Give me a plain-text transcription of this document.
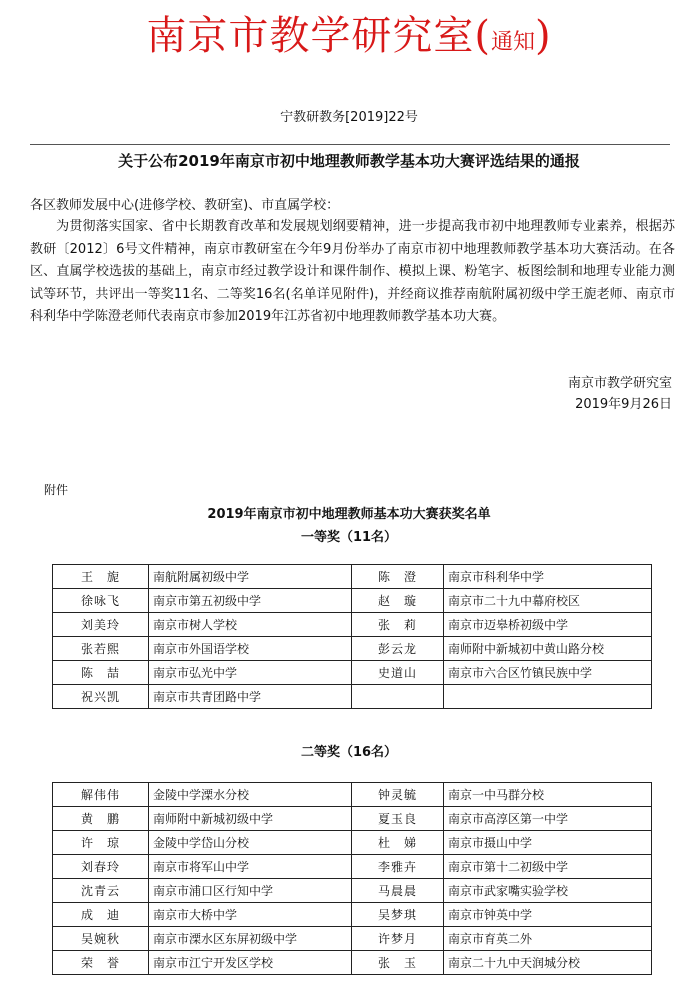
南京市教学研究室(通知)
宁教研教务[2019]22号
关于公布2019年南京市初中地理教师教学基本功大赛评选结果的通报
各区教师发展中心(进修学校、教研室)、市直属学校：
为贯彻落实国家、省中长期教育改革和发展规划纲要精神，进一步提高我市初中地理教师专业素养，根据苏教研〔2012〕6号文件精神，南京市教研室在今年9月份举办了南京市初中地理教师教学基本功大赛活动。在各区、直属学校选拔的基础上，南京市经过教学设计和课件制作、模拟上课、粉笔字、板图绘制和地理专业能力测试等环节，共评出一等奖11名、二等奖16名(名单详见附件)，并经商议推荐南航附属初级中学王旎老师、南京市科利华中学陈澄老师代表南京市参加2019年江苏省初中地理教师教学基本功大赛。
南京市教学研究室
2019年9月26日
附件
2019年南京市初中地理教师基本功大赛获奖名单
一等奖（11名）
王　旎	南航附属初级中学	陈　澄	南京市科利华中学
徐咏飞	南京市第五初级中学	赵　璇	南京市二十九中幕府校区
刘美玲	南京市树人学校	张　莉	南京市迈皋桥初级中学
张若熙	南京市外国语学校	彭云龙	南师附中新城初中黄山路分校
陈　喆	南京市弘光中学	史道山	南京市六合区竹镇民族中学
祝兴凯	南京市共青团路中学		
二等奖（16名）
解伟伟	金陵中学溧水分校	钟灵毓	南京一中马群分校
黄　鹏	南师附中新城初级中学	夏玉良	南京市高淳区第一中学
许　琼	金陵中学岱山分校	杜　娣	南京市摄山中学
刘春玲	南京市将军山中学	李雅卉	南京市第十二初级中学
沈青云	南京市浦口区行知中学	马晨晨	南京市武家嘴实验学校
成　迪	南京市大桥中学	吴梦琪	南京市钟英中学
吴婉秋	南京市溧水区东屏初级中学	许梦月	南京市育英二外
荣　誉	南京市江宁开发区学校	张　玉	南京二十九中天润城分校
